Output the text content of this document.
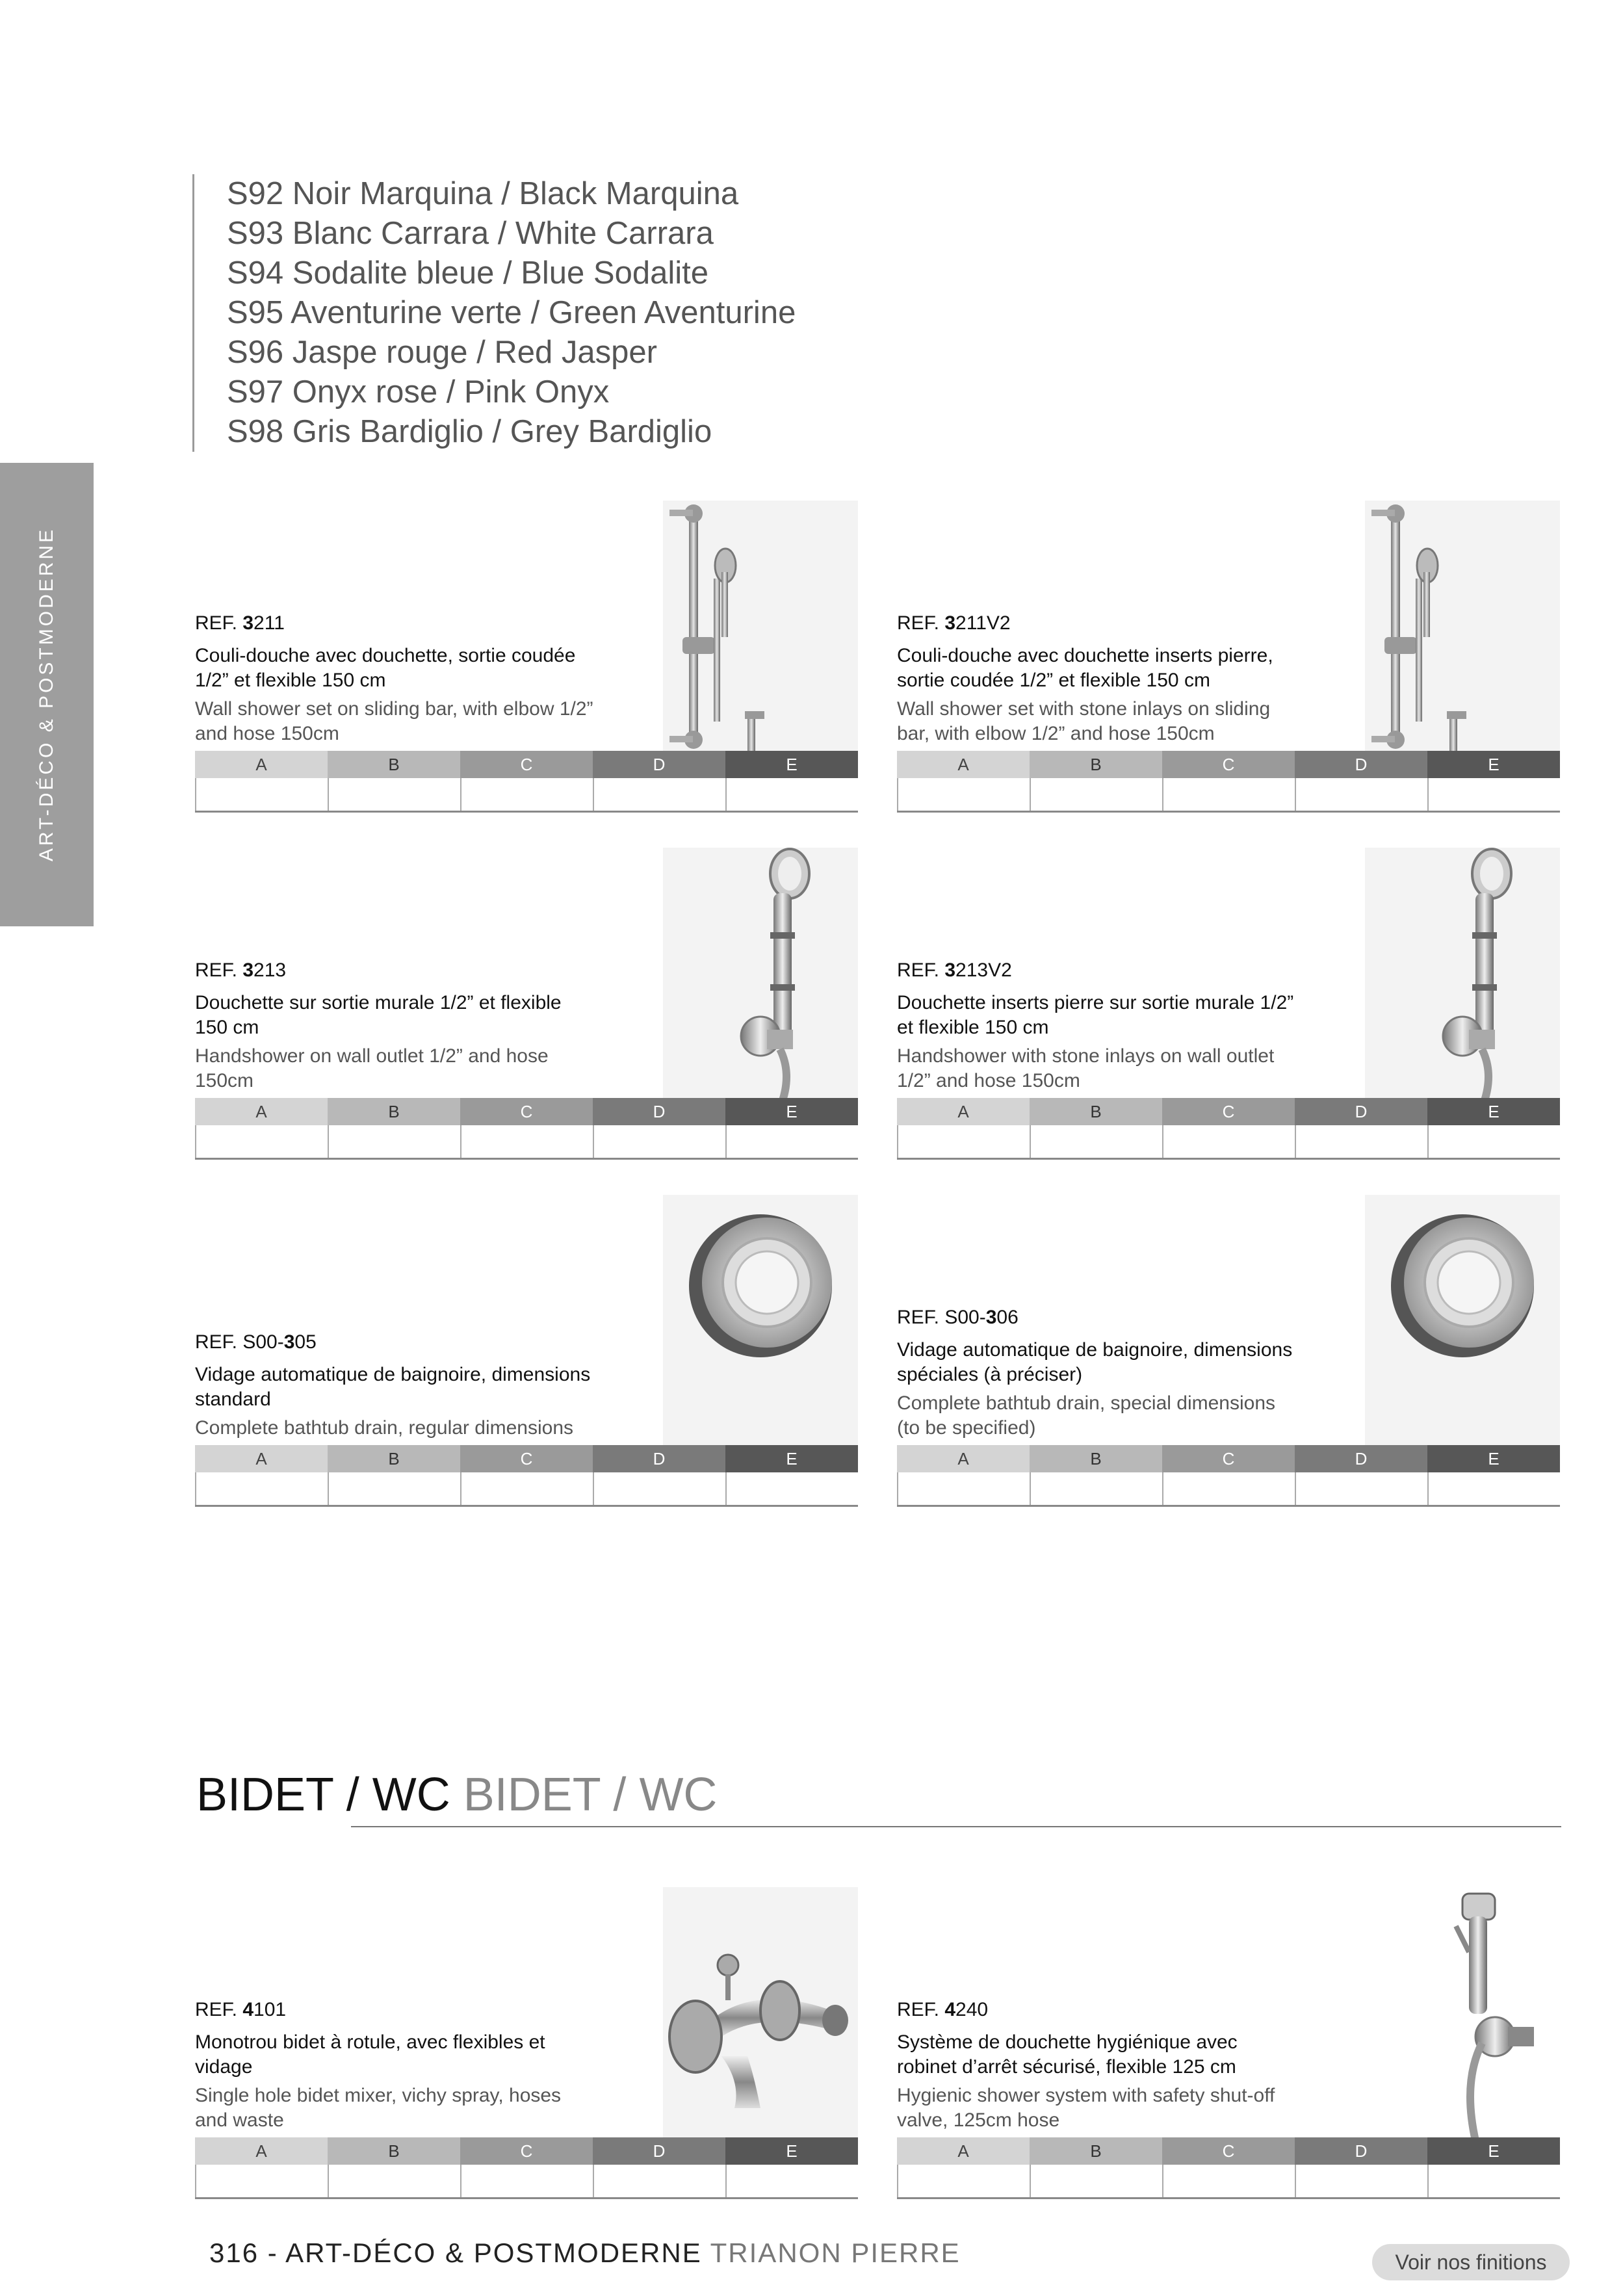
S92 Noir Marquina / Black Marquina
S93 Blanc Carrara / White Carrara
S94 Sodalite bleue / Blue Sodalite
S95 Aventurine verte / Green Aventurine
S96 Jaspe rouge / Red Jasper
S97 Onyx rose / Pink Onyx
S98 Gris Bardiglio / Grey Bardiglio
ART-DÉCO & POSTMODERNE	REF. 3211
Couli-douche avec douchette, sortie coudée 1/2” et flexible 150 cm
Wall shower set on sliding bar, with elbow 1/2” and hose 150cm
A	B	C	D	E
REF. 3211V2
Couli-douche avec douchette inserts pierre, sortie coudée 1/2” et flexible 150 cm
Wall shower set with stone inlays on sliding bar, with elbow 1/2” and hose 150cm
A	B	C	D	E
REF. 3213
Douchette sur sortie murale 1/2” et flexible 150 cm
Handshower on wall outlet 1/2” and hose 150cm
A	B	C	D	E
REF. 3213V2
Douchette inserts pierre sur sortie murale 1/2” et flexible 150 cm
Handshower with stone inlays on wall outlet 1/2” and hose 150cm
A	B	C	D	E
REF. S00-305
Vidage automatique de baignoire, dimensions standard
Complete bathtub drain, regular dimensions
A	B	C	D	E
REF. S00-306
Vidage automatique de baignoire, dimensions spéciales (à préciser)
Complete bathtub drain, special dimensions (to be specified)
A	B	C	D	E
REF. 4101
Monotrou bidet à rotule, avec flexibles et vidage
Single hole bidet mixer, vichy spray, hoses and waste
A	B	C	D	E
REF. 4240
Système de douchette hygiénique avec robinet d’arrêt sécurisé, flexible 125 cm
Hygienic shower system with safety shut-off valve, 125cm hose
A	B	C	D	E
BIDET / WC BIDET / WC
316 - ART-DÉCO & POSTMODERNE TRIANON PIERRE	Voir nos finitions
